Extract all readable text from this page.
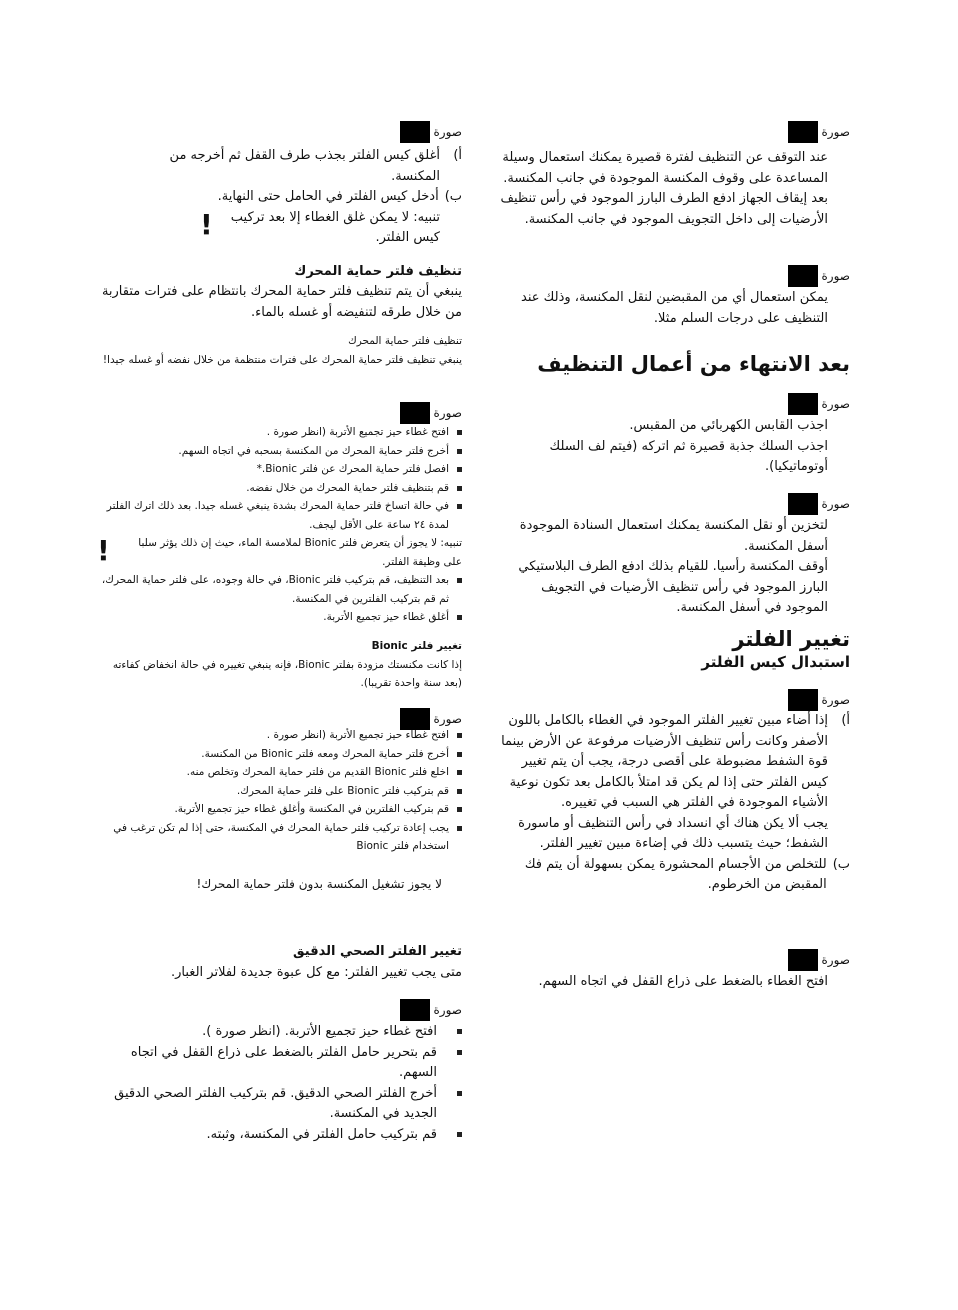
صورة
عند التوقف عن التنظيف لفترة قصيرة يمكنك استعمال وسيلة المساعدة على وقوف المكنسة الموجودة في جانب المكنسة. بعد إيقاف الجهاز ادفع الطرف البارز الموجود في رأس تنظيف الأرضيات إلى داخل التجويف الموجود في جانب المكنسة.
صورة
يمكن استعمال أي من المقبضين لنقل المكنسة، وذلك عند التنظيف على درجات السلم مثلا.
بعد الانتهاء من أعمال التنظيف
صورة
اجذب القابس الكهربائي من المقبس.
اجذب السلك جذبة قصيرة ثم اتركه (فيتم لف السلك أوتوماتيكيا).
صورة
لتخزين أو نقل المكنسة يمكنك استعمال السنادة الموجودة أسفل المكنسة.
أوقف المكنسة رأسيا. للقيام بذلك ادفع الطرف البلاستيكي البارز الموجود في رأس تنظيف الأرضيات في التجويف الموجود في أسفل المكنسة.
تغيير الفلتر
استبدال كيس الفلتر
صورة
أ)
إذا أضاء مبين تغيير الفلتر الموجود في الغطاء بالكامل باللون الأصفر وكانت رأس تنظيف الأرضيات مرفوعة عن الأرض بينما قوة الشفط مضبوطة على أقصى درجة، يجب أن يتم تغيير كيس الفلتر حتى إذا لم يكن قد امتلأ بالكامل بعد تكون نوعية الأشياء الموجودة في الفلتر هي السبب في تغييره.
يجب ألا يكن هناك أي انسداد في رأس التنظيف أو ماسورة الشفط؛ حيث يتسبب ذلك في إضاءة مبين تغيير الفلتر.
ب)
للتخلص من الأجسام المحشورة يمكن بسهولة أن يتم فك المقبض من الخرطوم.
صورة
افتح الغطاء بالضغط على ذراع القفل في اتجاه السهم.
صورة
أ)
أغلق كيس الفلتر بجذب طرف القفل ثم أخرجه من المكنسة.
ب)
أدخل كيس الفلتر في الحامل حتى النهاية.
تنبيه: لا يمكن غلق الغطاء إلا بعد تركيب كيس الفلتر.
!
تنظيف فلتر حماية المحرك
ينبغي أن يتم تنظيف فلتر حماية المحرك بانتظام على فترات متقاربة من خلال طرقه لتنفيضه أو غسله بالماء.
تنظيف فلتر حماية المحرك
ينبغي تنظيف فلتر حماية المحرك على فترات منتظمة من خلال نفضه أو غسله جيدا!
صورة
افتح غطاء حيز تجميع الأتربة (انظر صورة .
أخرج فلتر حماية المحرك من المكنسة بسحبه في اتجاه السهم.
افصل فلتر حماية المحرك عن فلتر Bionic.*
قم بتنظيف فلتر حماية المحرك من خلال نفضه.
في حالة اتساخ فلتر حماية المحرك بشدة ينبغي غسله جيدا. بعد ذلك اترك الفلتر لمدة ٢٤ ساعة على الأقل ليجف.
تنبيه: لا يجوز أن يتعرض فلتر Bionic لملامسة الماء، حيث إن ذلك يؤثر سلبا على وظيفة الفلتر.
!
بعد التنظيف، قم بتركيب فلتر Bionic، في حالة وجوده، على فلتر حماية المحرك، ثم قم بتركيب الفلترين في المكنسة.
أغلق غطاء حيز تجميع الأتربة.
تغيير فلتر Bionic
إذا كانت مكنستك مزودة بفلتر Bionic، فإنه ينبغي تغييره في حالة انخفاض كفاءته (بعد سنة واحدة تقريبا).
صورة
افتح غطاء حيز تجميع الأتربة (انظر صورة .
أخرج فلتر حماية المحرك ومعه فلتر Bionic من المكنسة.
اخلع فلتر Bionic القديم من فلتر حماية المحرك وتخلص منه.
قم بتركيب فلتر Bionic على فلتر حماية المحرك.
قم بتركيب الفلترين في المكنسة وأغلق غطاء حيز تجميع الأتربة.
يجب إعادة تركيب فلتر حماية المحرك في المكنسة، حتى إذا لم تكن ترغب في استخدام فلتر Bionic
لا يجوز تشغيل المكنسة بدون فلتر حماية المحرك!
تغيير الفلتر الصحي الدقيق
متى يجب تغيير الفلتر: مع كل عبوة جديدة لفلاتر الغبار.
صورة
افتح غطاء حيز تجميع الأتربة. (انظر صورة ).
قم بتحرير حامل الفلتر بالضغط على ذراع القفل في اتجاه السهم.
أخرج الفلتر الصحي الدقيق. قم بتركيب الفلتر الصحي الدقيق الجديد في المكنسة.
قم بتركيب حامل الفلتر في المكنسة، وثبته.
